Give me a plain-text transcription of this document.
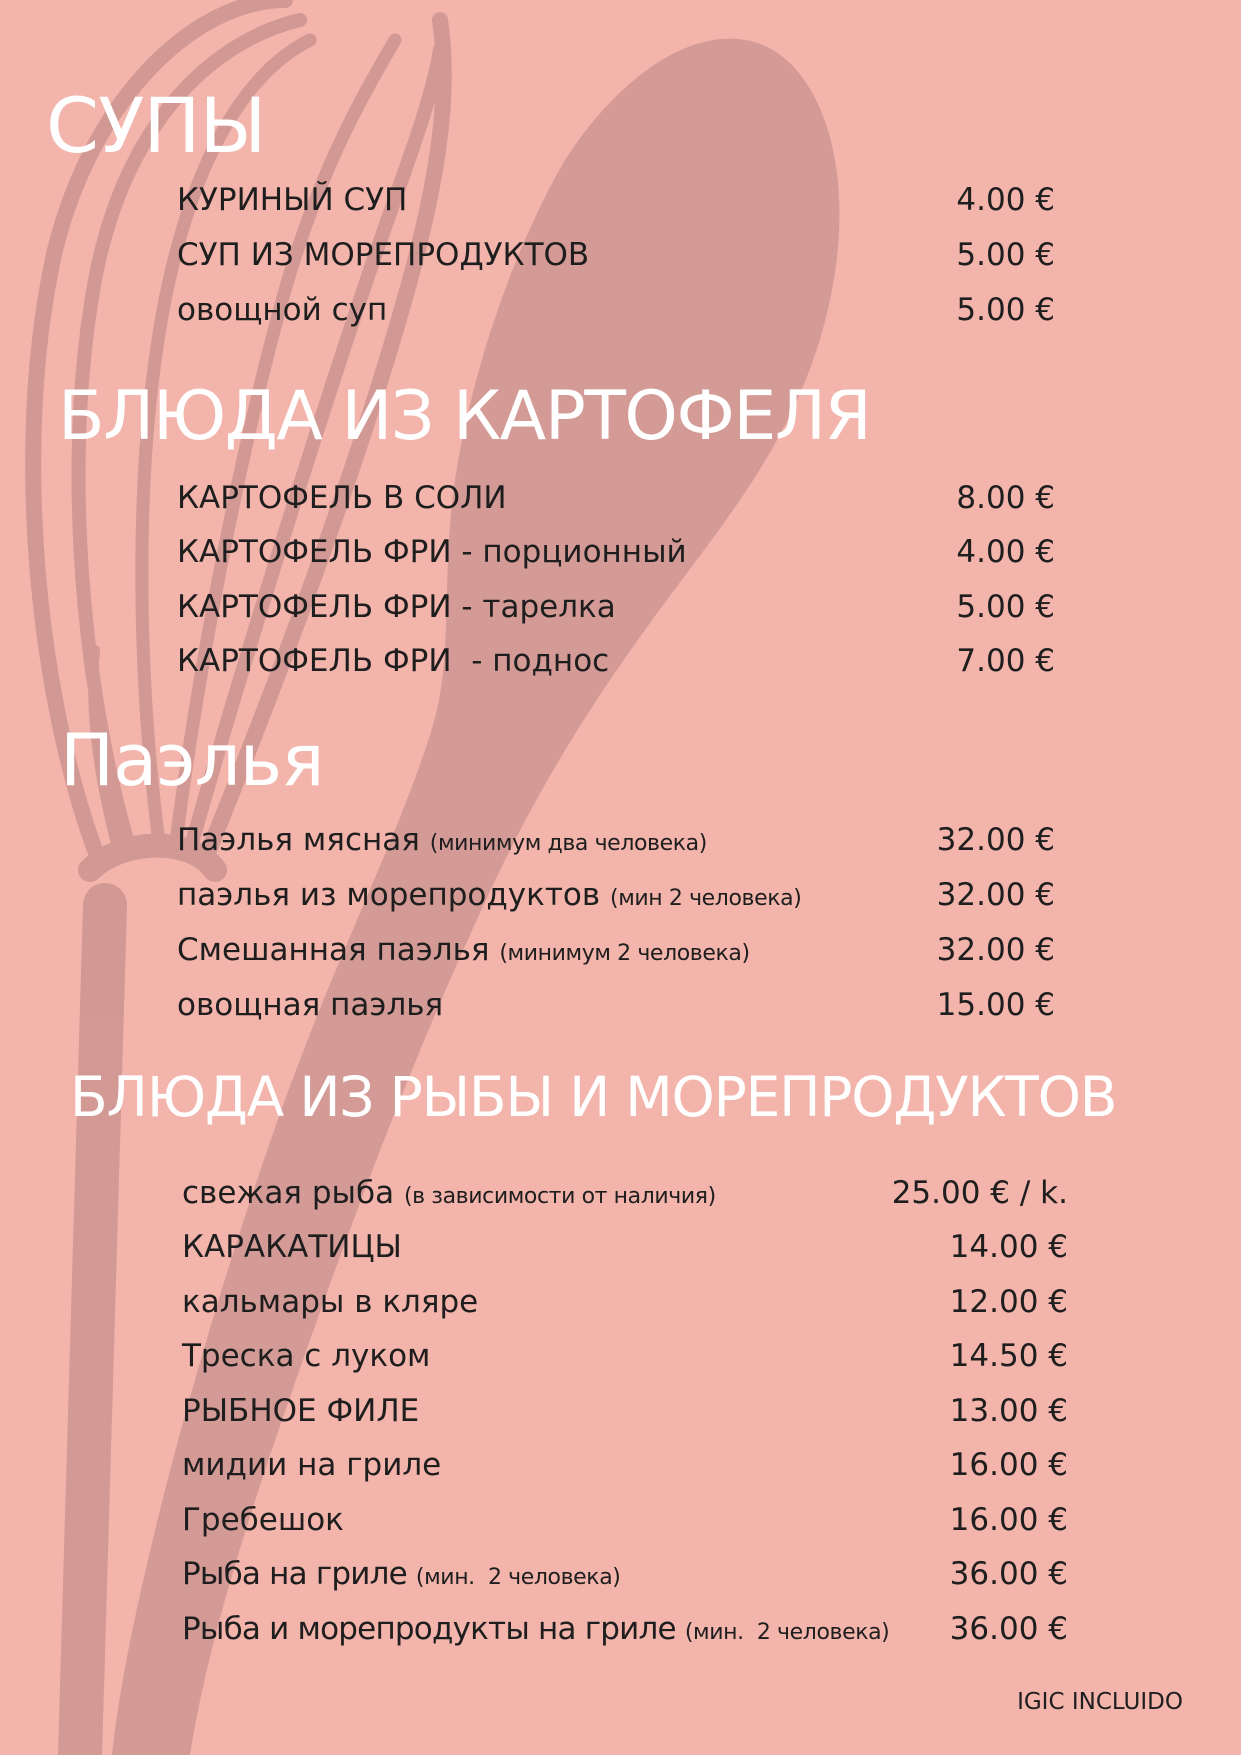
СУПЫ
КУРИНЫЙ СУП	4.00 €
СУП ИЗ МОРЕПРОДУКТОВ	5.00 €
овощной суп	5.00 €
БЛЮДА ИЗ КАРТОФЕЛЯ
КАРТОФЕЛЬ В СОЛИ	8.00 €
КАРТОФЕЛЬ ФРИ - порционный	4.00 €
КАРТОФЕЛЬ ФРИ - тарелка	5.00 €
КАРТОФЕЛЬ ФРИ  - поднос	7.00 €
Паэлья
Паэлья мясная (минимум два человека)	32.00 €
паэлья из морепродуктов (мин 2 человека)	32.00 €
Смешанная паэлья (минимум 2 человека)	32.00 €
овощная паэлья	15.00 €
БЛЮДА ИЗ РЫБЫ И МОРЕПРОДУКТОВ
свежая рыба (в зависимости от наличия)	25.00 € / k.
КАРАКАТИЦЫ	14.00 €
кальмары в кляре	12.00 €
Треска с луком	14.50 €
РЫБНОЕ ФИЛЕ	13.00 €
мидии на гриле	16.00 €
Гребешок	16.00 €
Рыба на гриле (мин.  2 человека)	36.00 €
Рыба и морепродукты на гриле (мин.  2 человека) 36.00 €
IGIC INCLUIDO
